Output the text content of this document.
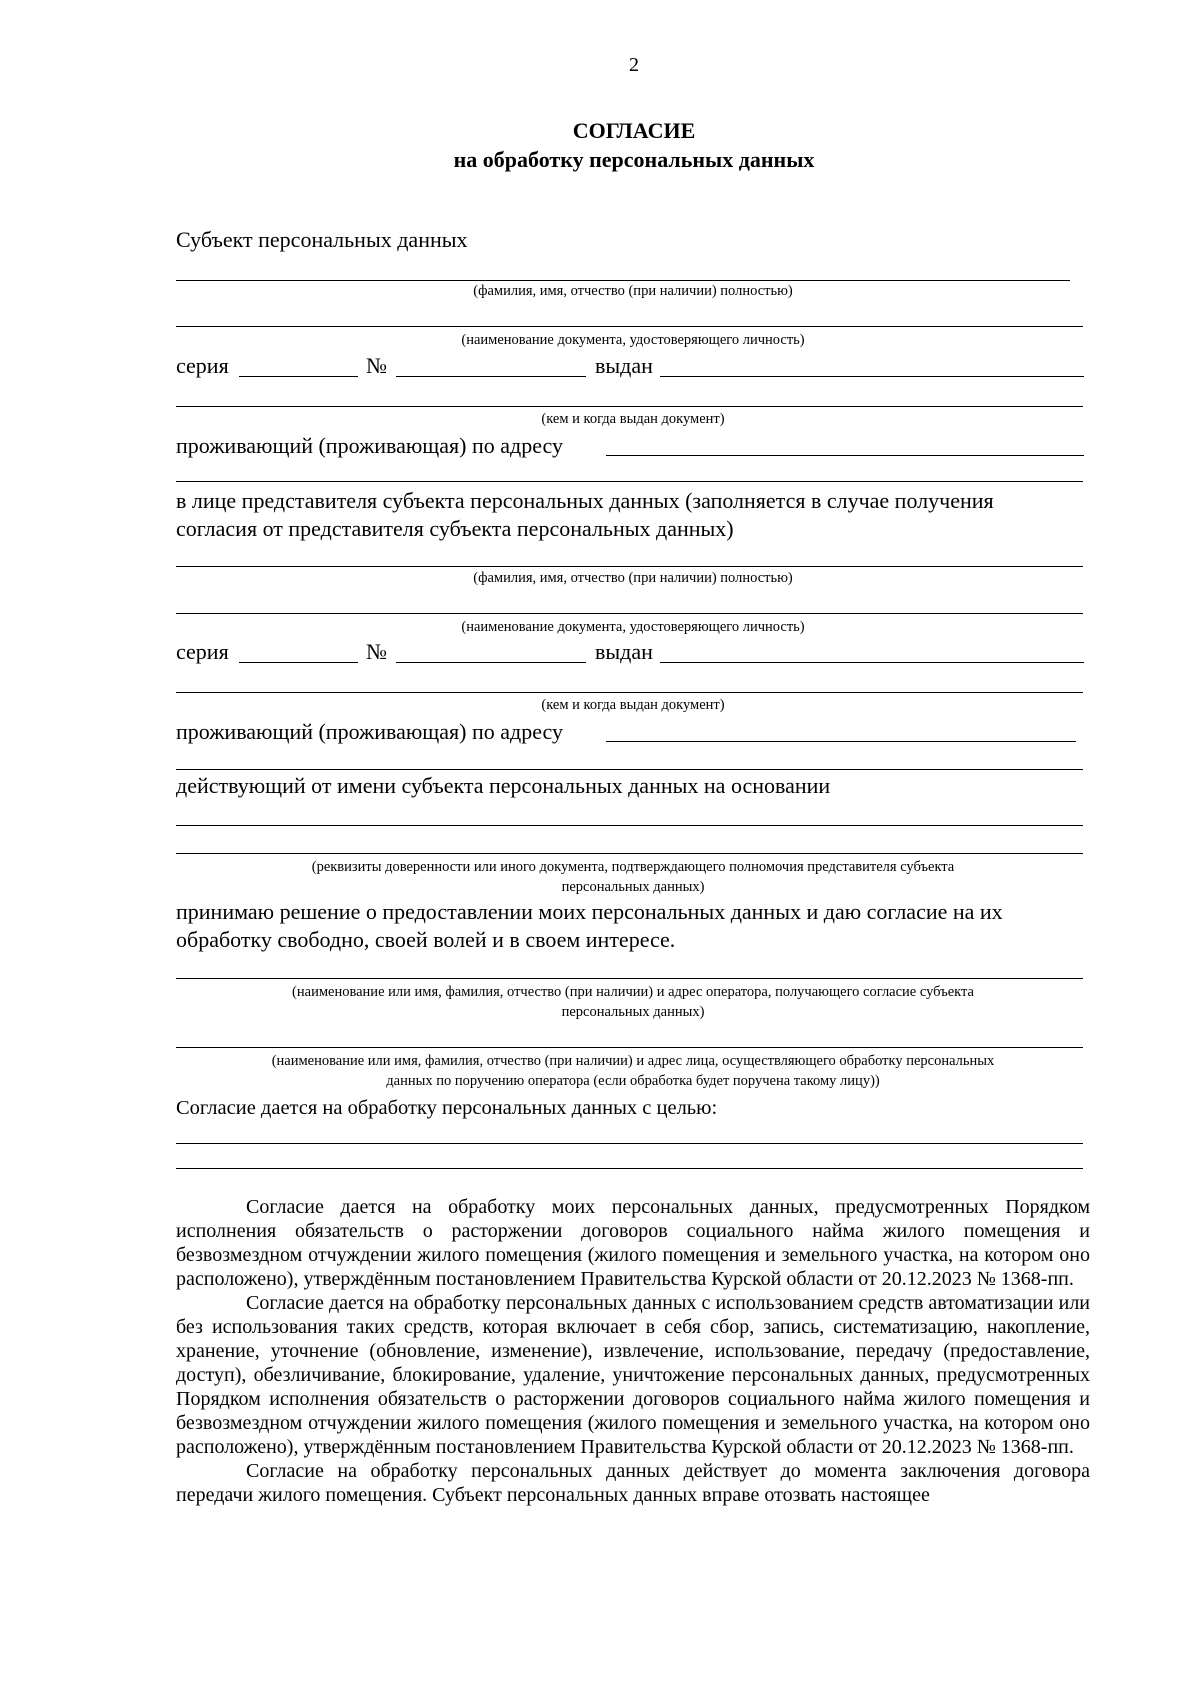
2
СОГЛАСИЕ
на обработку персональных данных
Субъект персональных данных
(фамилия, имя, отчество (при наличии) полностью)
(наименование документа, удостоверяющего личность)
серия	№	выдан
(кем и когда выдан документ)
проживающий (проживающая) по адресу
в лице представителя субъекта персональных данных (заполняется в случае получения
согласия от представителя субъекта персональных данных)
(фамилия, имя, отчество (при наличии) полностью)
(наименование документа, удостоверяющего личность)
серия	№	выдан
(кем и когда выдан документ)
проживающий (проживающая) по адресу
действующий от имени субъекта персональных данных на основании
(реквизиты доверенности или иного документа, подтверждающего полномочия представителя субъекта
персональных данных)
принимаю решение о предоставлении моих персональных данных и даю согласие на их
обработку свободно, своей волей и в своем интересе.
(наименование или имя, фамилия, отчество (при наличии) и адрес оператора, получающего согласие субъекта
персональных данных)
(наименование или имя, фамилия, отчество (при наличии) и адрес лица, осуществляющего обработку персональных
данных по поручению оператора (если обработка будет поручена такому лицу))
Согласие дается на обработку персональных данных с целью:

Согласие дается на обработку моих персональных данных, предусмотренных Порядком исполнения обязательств о расторжении договоров социального найма жилого помещения и безвозмездном отчуждении жилого помещения (жилого помещения и земельного участка, на котором оно расположено), утверждённым постановлением Правительства Курской области от 20.12.2023 № 1368-пп.

Согласие дается на обработку персональных данных с использованием средств автоматизации или без использования таких средств, которая включает в себя сбор, запись, систематизацию, накопление, хранение, уточнение (обновление, изменение), извлечение, использование, передачу (предоставление, доступ), обезличивание, блокирование, удаление, уничтожение персональных данных, предусмотренных Порядком исполнения обязательств о расторжении договоров социального найма жилого помещения и безвозмездном отчуждении жилого помещения (жилого помещения и земельного участка, на котором оно расположено), утверждённым постановлением Правительства Курской области от 20.12.2023 № 1368-пп.

Согласие на обработку персональных данных действует до момента заключения договора передачи жилого помещения. Субъект персональных данных вправе отозвать настоящее
